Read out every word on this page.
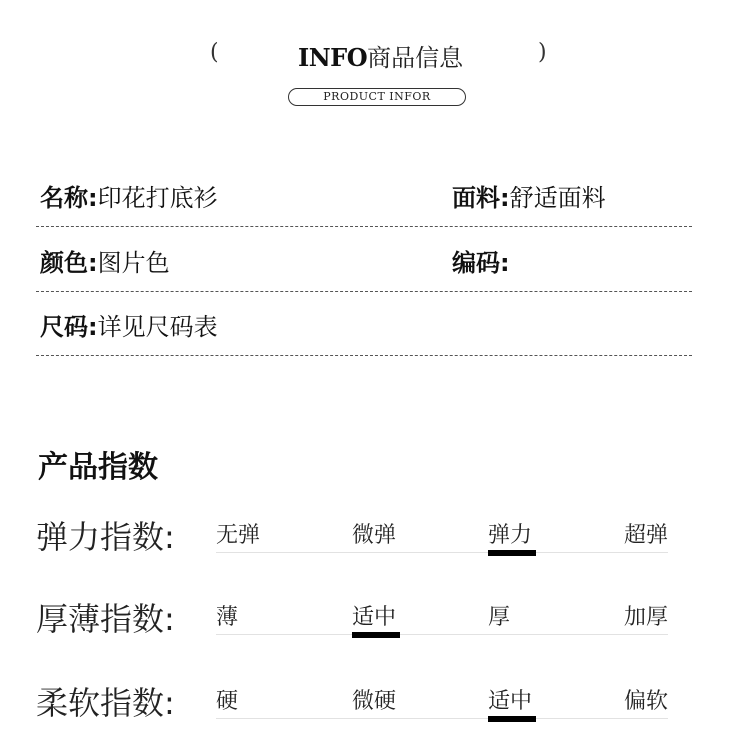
(	INFO商品信息	)
PRODUCT INFOR
名称:印花打底衫	面料:舒适面料
颜色:图片色	编码:
尺码:详见尺码表
产品指数
弹力指数: 无弹	微弹	弹力	超弹
厚薄指数: 薄	适中	厚	加厚
柔软指数: 硬	微硬	适中	偏软
